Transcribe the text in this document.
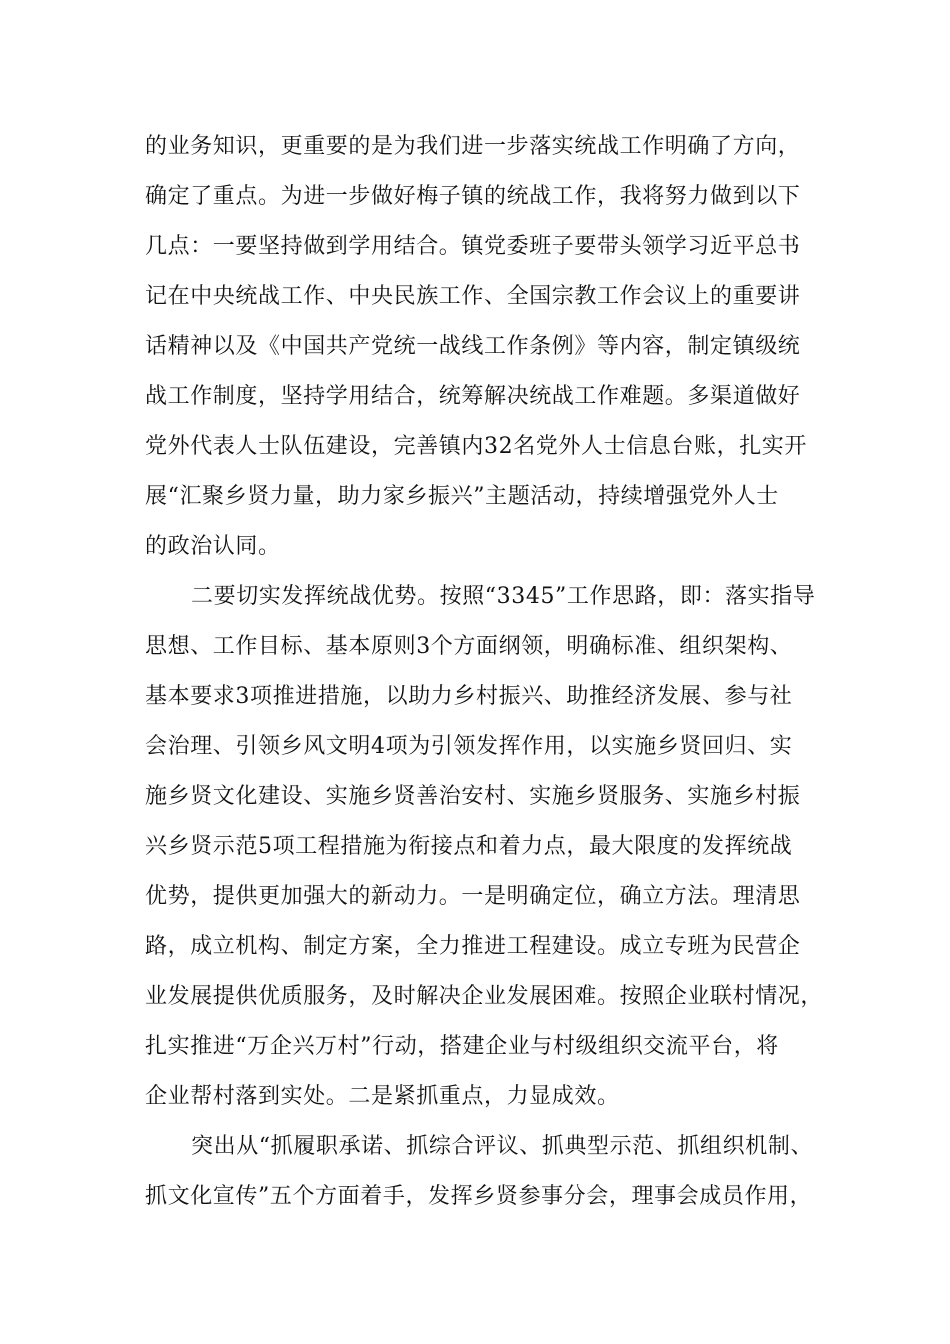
的业务知识，更重要的是为我们进一步落实统战工作明确了方向，
确定了重点。为进一步做好梅子镇的统战工作，我将努力做到以下
几点：一要坚持做到学用结合。镇党委班子要带头领学习近平总书
记在中央统战工作、中央民族工作、全国宗教工作会议上的重要讲
话精神以及《中国共产党统一战线工作条例》等内容，制定镇级统
战工作制度，坚持学用结合，统筹解决统战工作难题。多渠道做好
党外代表人士队伍建设，完善镇内32名党外人士信息台账，扎实开
展“汇聚乡贤力量，助力家乡振兴”主题活动，持续增强党外人士
的政治认同。
二要切实发挥统战优势。按照“3345”工作思路，即：落实指导
思想、工作目标、基本原则3个方面纲领，明确标准、组织架构、
基本要求3项推进措施，以助力乡村振兴、助推经济发展、参与社
会治理、引领乡风文明4项为引领发挥作用，以实施乡贤回归、实
施乡贤文化建设、实施乡贤善治安村、实施乡贤服务、实施乡村振
兴乡贤示范5项工程措施为衔接点和着力点，最大限度的发挥统战
优势，提供更加强大的新动力。一是明确定位，确立方法。理清思
路，成立机构、制定方案，全力推进工程建设。成立专班为民营企
业发展提供优质服务，及时解决企业发展困难。按照企业联村情况，
扎实推进“万企兴万村”行动，搭建企业与村级组织交流平台，将
企业帮村落到实处。二是紧抓重点，力显成效。
突出从“抓履职承诺、抓综合评议、抓典型示范、抓组织机制、
抓文化宣传”五个方面着手，发挥乡贤参事分会，理事会成员作用，
